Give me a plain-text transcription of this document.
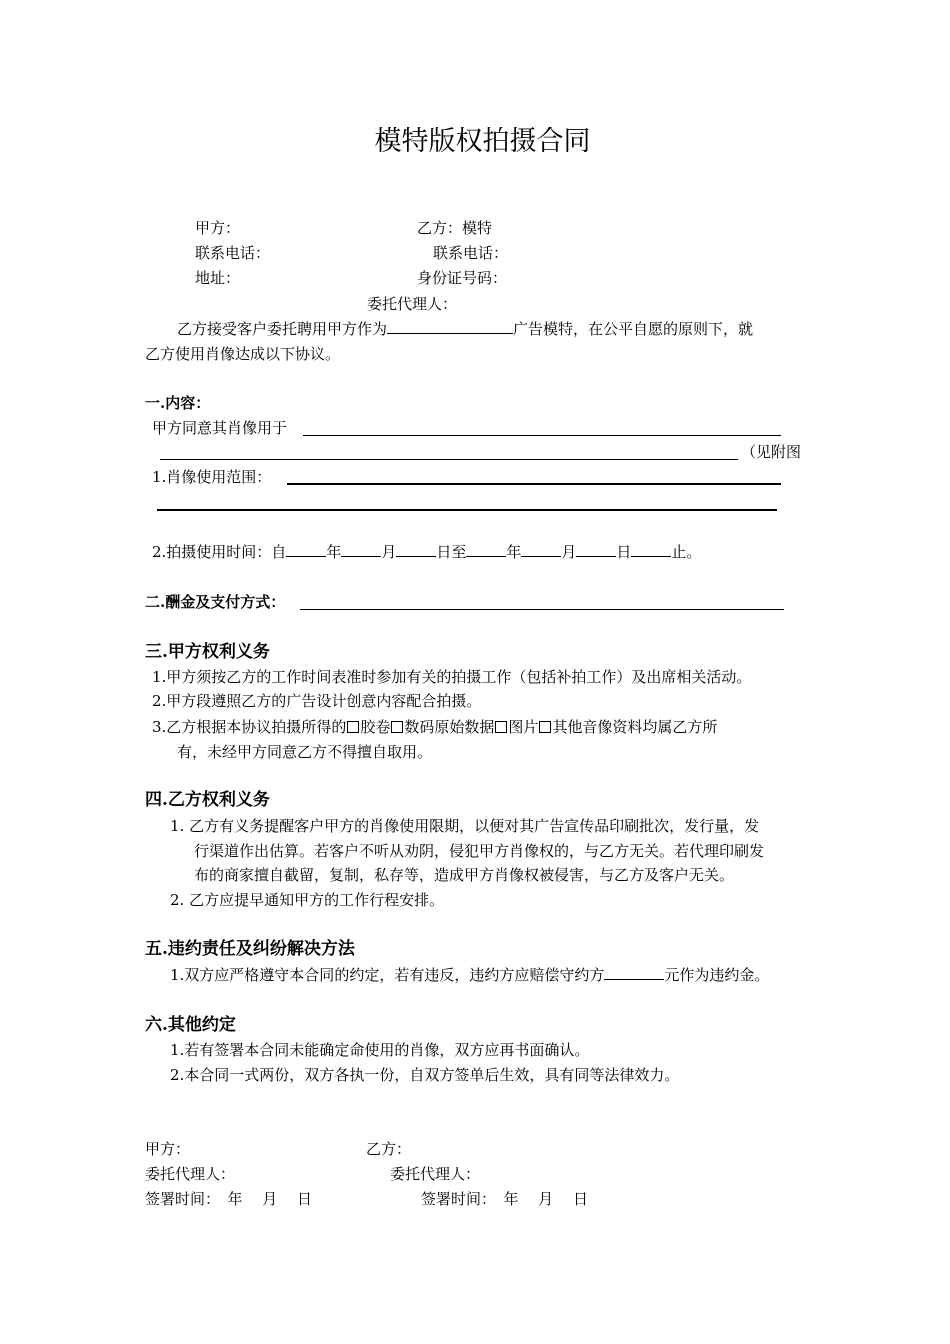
模特版权拍摄合同
甲方：	乙方：模特
联系电话：	联系电话：
地址：	身份证号码：
委托代理人：
乙方接受客户委托聘用甲方作为	广告模特，在公平自愿的原则下，就
乙方使用肖像达成以下协议。
一.内容：
甲方同意其肖像用于
（见附图
1.肖像使用范围：
2.拍摄使用时间：自	年	月	日至	年	月	日	止。
二.酬金及支付方式：
三.甲方权利义务
1.甲方须按乙方的工作时间表准时参加有关的拍摄工作（包括补拍工作）及出席相关活动。
2.甲方段遵照乙方的广告设计创意内容配合拍摄。
3.乙方根据本协议拍摄所得的 胶卷 数码原始数据 图片 其他音像资料均属乙方所
有，未经甲方同意乙方不得擅自取用。
四.乙方权利义务
1. 乙方有义务提醒客户甲方的肖像使用限期，以便对其广告宣传品印刷批次，发行量，发
行渠道作出估算。若客户不听从劝阴，侵犯甲方肖像权的，与乙方无关。若代理印刷发
布的商家擅自截留，复制，私存等，造成甲方肖像权被侵害，与乙方及客户无关。
2. 乙方应提早通知甲方的工作行程安排。
五.违约责任及纠纷解决方法
1.双方应严格遵守本合同的约定，若有违反，违约方应赔偿守约方	元作为违约金。
六.其他约定
1.若有签署本合同未能确定命使用的肖像，双方应再书面确认。
2.本合同一式两份，双方各执一份，自双方签单后生效，具有同等法律效力。
甲方：	乙方：
委托代理人：	委托代理人：
签署时间：　年　 月　 日	签署时间：　年　 月　 日
